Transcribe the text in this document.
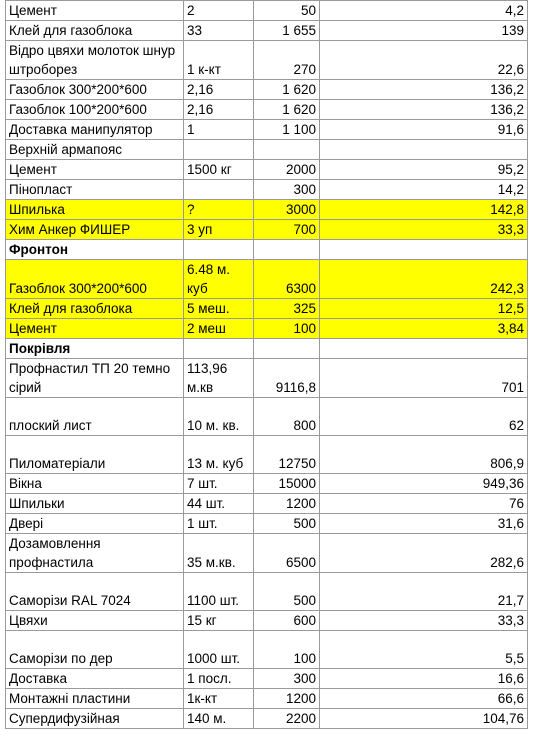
Цемент	2	50	4,2
Клей для газоблока	33	1 655	139
Відро цвяхи молоток шнур штроборез	1 к-кт	270	22,6
Газоблок 300*200*600	2,16	1 620	136,2
Газоблок 100*200*600	2,16	1 620	136,2
Доставка манипулятор	1	1 100	91,6
Верхній армапояс			
Цемент	1500 кг	2000	95,2
Пінопласт		300	14,2
Шпилька	?	3000	142,8
Хим Анкер ФИШЕР	3 уп	700	33,3
Фронтон			
Газоблок 300*200*600	6.48 м. куб	6300	242,3
Клей для газоблока	5 меш.	325	12,5
Цемент	2 меш	100	3,84
Покрівля			
Профнастил ТП 20 темно сірий	113,96 м.кв	9116,8	701
плоский лист	10 м. кв.	800	62
Пиломатеріали	13 м. куб	12750	806,9
Вікна	7 шт.	15000	949,36
Шпильки	44 шт.	1200	76
Двері	1 шт.	500	31,6
Дозамовлення профнастила	35 м.кв.	6500	282,6
Саморізи RAL 7024	1100 шт.	500	21,7
Цвяхи	15 кг	600	33,3
Саморізи по дер	1000 шт.	100	5,5
Доставка	1 посл.	300	16,6
Монтажні пластини	1к-кт	1200	66,6
Супердифузійная	140 м.	2200	104,76
